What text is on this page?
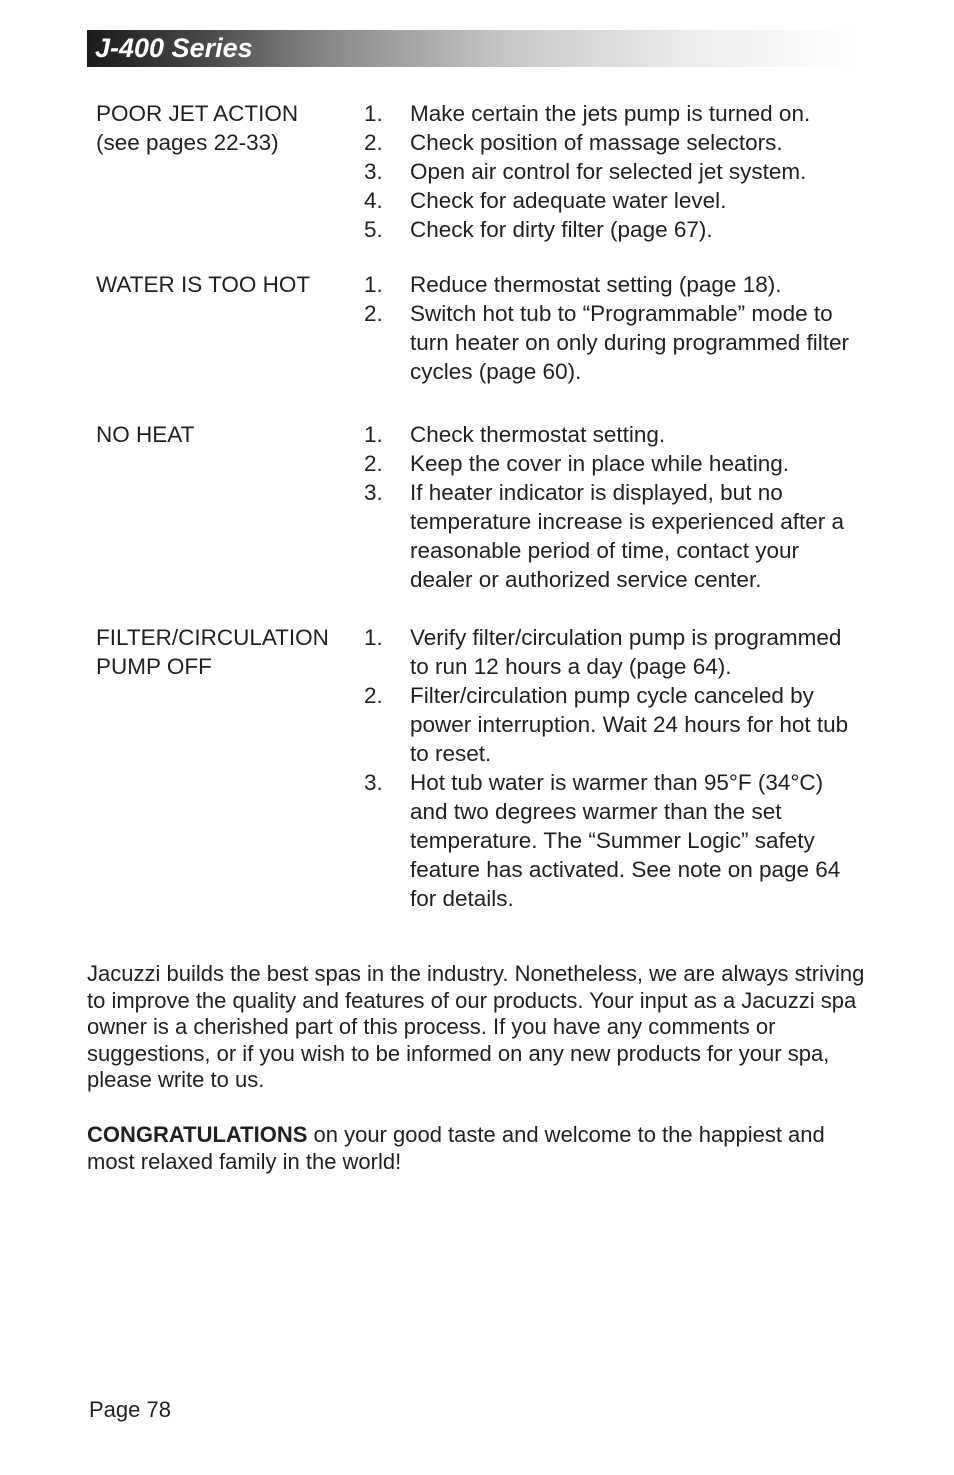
J-400 Series
POOR JET ACTION
(see pages 22-33)
1. Make certain the jets pump is turned on.
2. Check position of massage selectors.
3. Open air control for selected jet system.
4. Check for adequate water level.
5. Check for dirty filter (page 67).
WATER IS TOO HOT	1. Reduce thermostat setting (page 18).
2. Switch hot tub to “Programmable” mode to turn heater on only during programmed filter cycles (page 60).
NO HEAT	1. Check thermostat setting.
2. Keep the cover in place while heating.
3. If heater indicator is displayed, but no temperature increase is experienced after a reasonable period of time, contact your dealer or authorized service center.
FILTER/CIRCULATION
PUMP OFF
1. Verify filter/circulation pump is programmed to run 12 hours a day (page 64).
2. Filter/circulation pump cycle canceled by power interruption. Wait 24 hours for hot tub to reset.
3. Hot tub water is warmer than 95°F (34°C) and two degrees warmer than the set temperature. The “Summer Logic” safety feature has activated. See note on page 64 for details.

Jacuzzi builds the best spas in the industry. Nonetheless, we are always striving to improve the quality and features of our products. Your input as a Jacuzzi spa owner is a cherished part of this process. If you have any comments or suggestions, or if you wish to be informed on any new products for your spa, please write to us.

CONGRATULATIONS on your good taste and welcome to the happiest and most relaxed family in the world!

Page 78
